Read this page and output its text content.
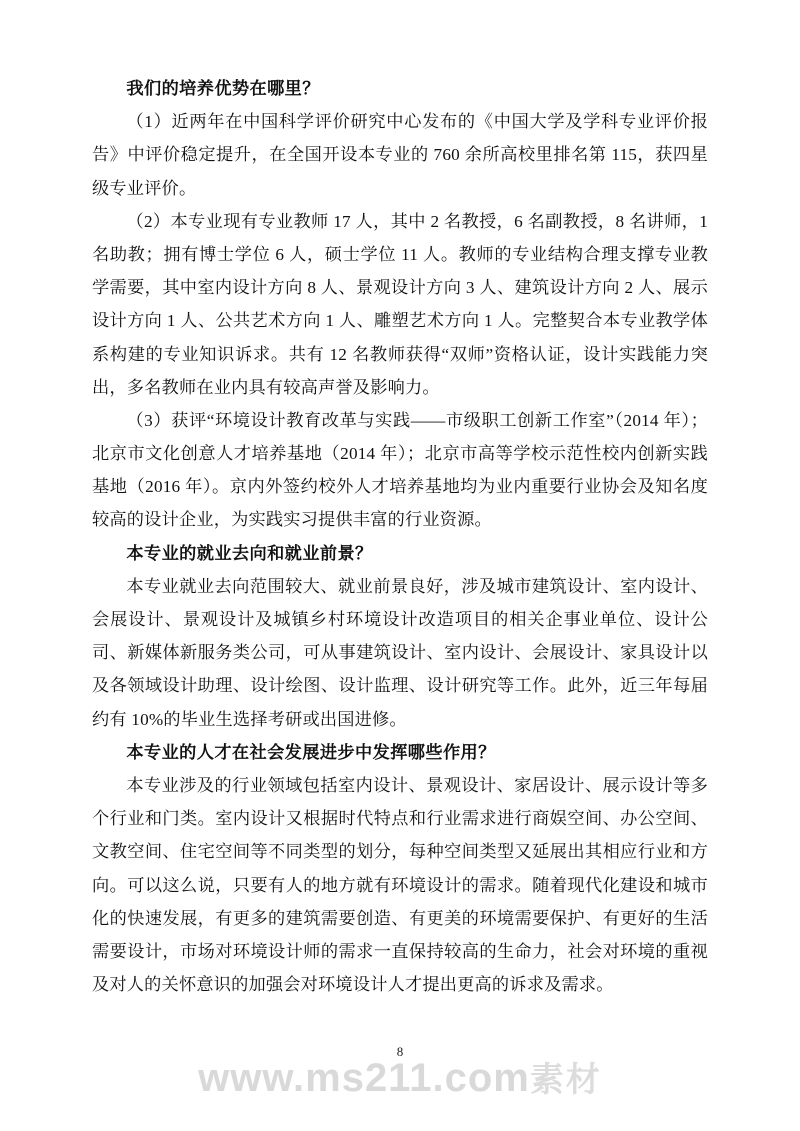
我们的培养优势在哪里？

（1）近两年在中国科学评价研究中心发布的《中国大学及学科专业评价报告》中评价稳定提升，在全国开设本专业的 760 余所高校里排名第 115，获四星级专业评价。

（2）本专业现有专业教师 17 人，其中 2 名教授，6 名副教授，8 名讲师，1 名助教；拥有博士学位 6 人，硕士学位 11 人。教师的专业结构合理支撑专业教学需要，其中室内设计方向 8 人、景观设计方向 3 人、建筑设计方向 2 人、展示设计方向 1 人、公共艺术方向 1 人、雕塑艺术方向 1 人。完整契合本专业教学体系构建的专业知识诉求。共有 12 名教师获得“双师”资格认证，设计实践能力突出，多名教师在业内具有较高声誉及影响力。

（3）获评“环境设计教育改革与实践——市级职工创新工作室”（2014 年）；北京市文化创意人才培养基地（2014 年）；北京市高等学校示范性校内创新实践基地（2016 年）。京内外签约校外人才培养基地均为业内重要行业协会及知名度较高的设计企业，为实践实习提供丰富的行业资源。

本专业的就业去向和就业前景？

本专业就业去向范围较大、就业前景良好，涉及城市建筑设计、室内设计、会展设计、景观设计及城镇乡村环境设计改造项目的相关企事业单位、设计公司、新媒体新服务类公司，可从事建筑设计、室内设计、会展设计、家具设计以及各领域设计助理、设计绘图、设计监理、设计研究等工作。此外，近三年每届约有 10%的毕业生选择考研或出国进修。

本专业的人才在社会发展进步中发挥哪些作用？

本专业涉及的行业领域包括室内设计、景观设计、家居设计、展示设计等多个行业和门类。室内设计又根据时代特点和行业需求进行商娱空间、办公空间、文教空间、住宅空间等不同类型的划分，每种空间类型又延展出其相应行业和方向。可以这么说，只要有人的地方就有环境设计的需求。随着现代化建设和城市化的快速发展，有更多的建筑需要创造、有更美的环境需要保护、有更好的生活需要设计，市场对环境设计师的需求一直保持较高的生命力，社会对环境的重视及对人的关怀意识的加强会对环境设计人才提出更高的诉求及需求。

8
www.ms211.com素材
